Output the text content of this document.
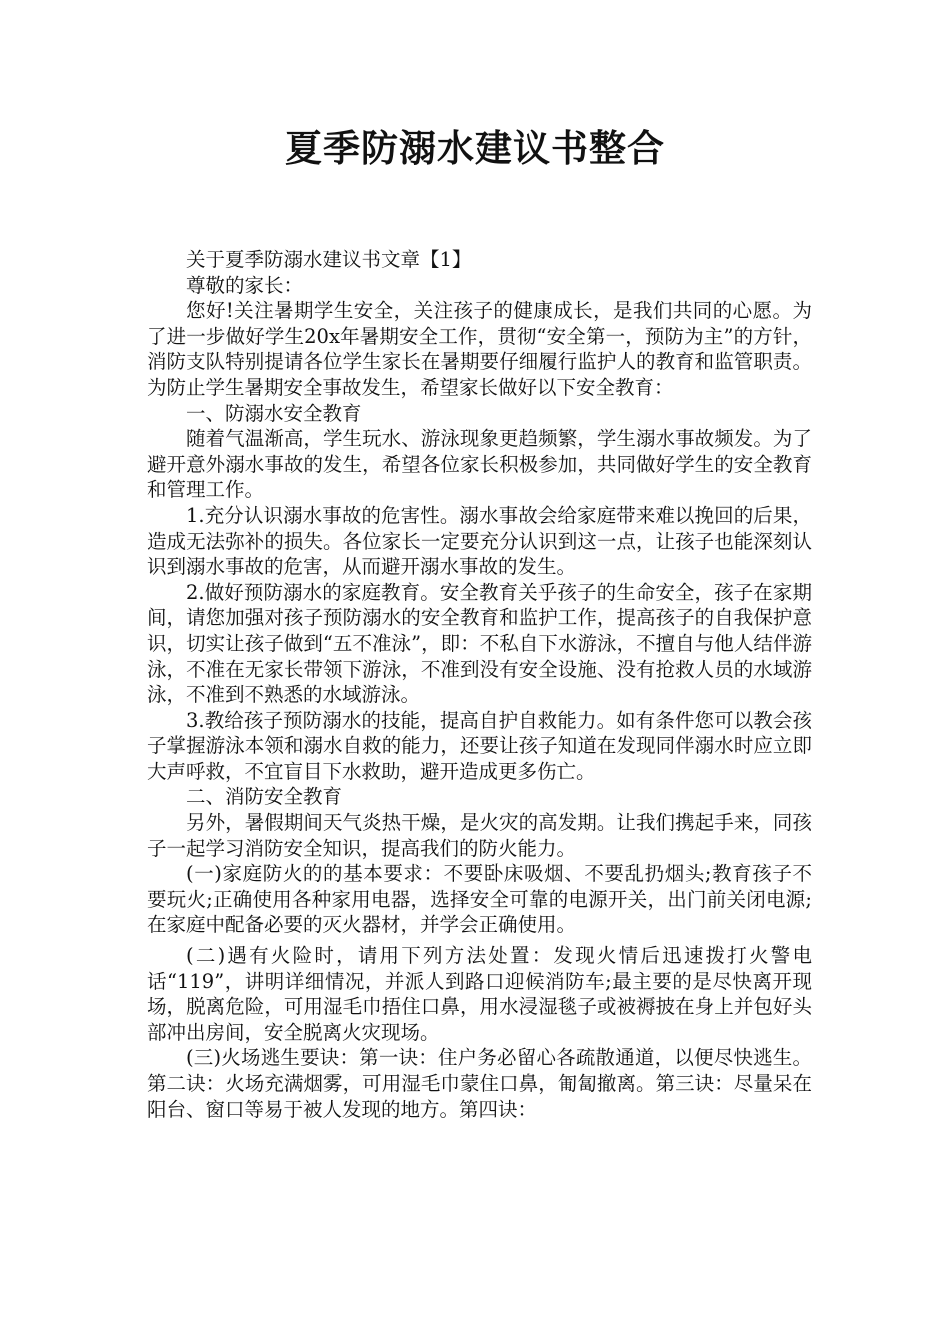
夏季防溺水建议书整合

关于夏季防溺水建议书文章【1】

尊敬的家长：

您好!关注暑期学生安全，关注孩子的健康成长，是我们共同的心愿。为了进一步做好学生20x年暑期安全工作，贯彻“安全第一，预防为主”的方针，消防支队特别提请各位学生家长在暑期要仔细履行监护人的教育和监管职责。为防止学生暑期安全事故发生，希望家长做好以下安全教育：

一、防溺水安全教育

随着气温渐高，学生玩水、游泳现象更趋频繁，学生溺水事故频发。为了避开意外溺水事故的发生，希望各位家长积极参加，共同做好学生的安全教育和管理工作。

1.充分认识溺水事故的危害性。溺水事故会给家庭带来难以挽回的后果，造成无法弥补的损失。各位家长一定要充分认识到这一点，让孩子也能深刻认识到溺水事故的危害，从而避开溺水事故的发生。

2.做好预防溺水的家庭教育。安全教育关乎孩子的生命安全，孩子在家期间，请您加强对孩子预防溺水的安全教育和监护工作，提高孩子的自我保护意识，切实让孩子做到“五不准泳”，即：不私自下水游泳，不擅自与他人结伴游泳，不准在无家长带领下游泳，不准到没有安全设施、没有抢救人员的水域游泳，不准到不熟悉的水域游泳。

3.教给孩子预防溺水的技能，提高自护自救能力。如有条件您可以教会孩子掌握游泳本领和溺水自救的能力，还要让孩子知道在发现同伴溺水时应立即大声呼救，不宜盲目下水救助，避开造成更多伤亡。

二、消防安全教育

另外，暑假期间天气炎热干燥，是火灾的高发期。让我们携起手来，同孩子一起学习消防安全知识，提高我们的防火能力。

(一)家庭防火的的基本要求：不要卧床吸烟、不要乱扔烟头;教育孩子不要玩火;正确使用各种家用电器，选择安全可靠的电源开关，出门前关闭电源;在家庭中配备必要的灭火器材，并学会正确使用。

(二)遇有火险时，请用下列方法处置：发现火情后迅速拨打火警电话“119”，讲明详细情况，并派人到路口迎候消防车;最主要的是尽快离开现场，脱离危险，可用湿毛巾捂住口鼻，用水浸湿毯子或被褥披在身上并包好头部冲出房间，安全脱离火灾现场。

(三)火场逃生要诀：第一诀：住户务必留心各疏散通道，以便尽快逃生。第二诀：火场充满烟雾，可用湿毛巾蒙住口鼻，匍匐撤离。第三诀：尽量呆在阳台、窗口等易于被人发现的地方。第四诀：
